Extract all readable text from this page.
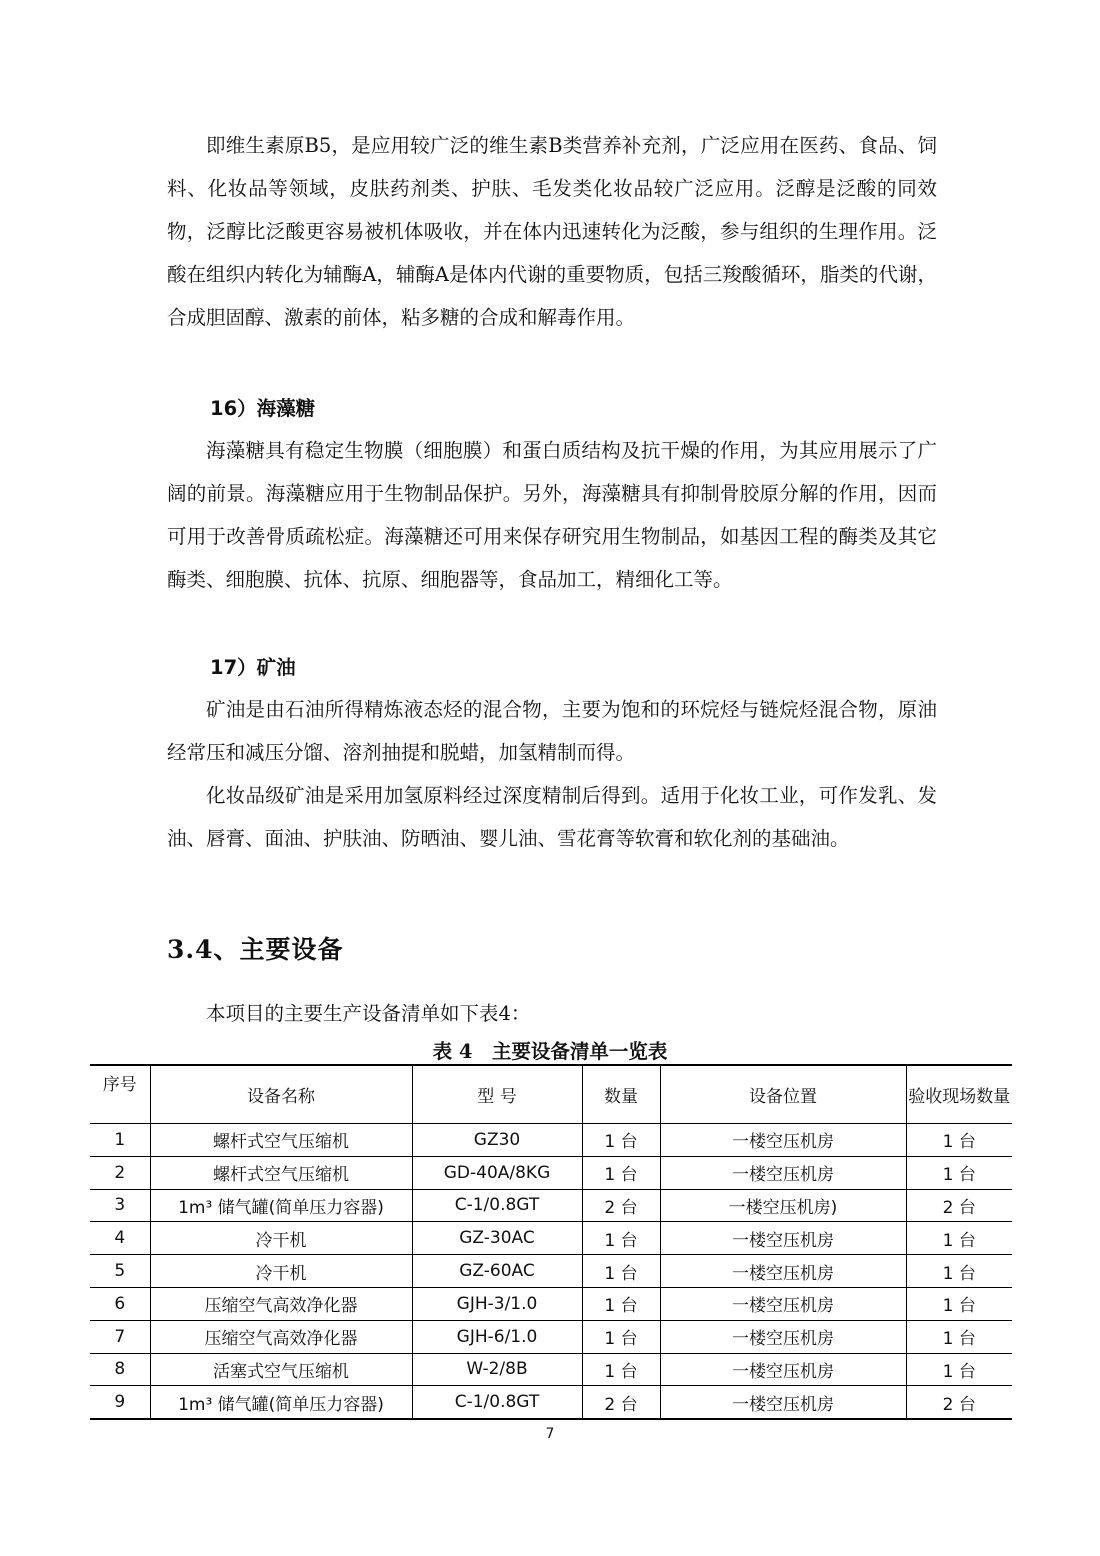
即维生素原B5，是应用较广泛的维生素B类营养补充剂，广泛应用在医药、食品、饲料、化妆品等领域，皮肤药剂类、护肤、毛发类化妆品较广泛应用。泛醇是泛酸的同效物，泛醇比泛酸更容易被机体吸收，并在体内迅速转化为泛酸，参与组织的生理作用。泛酸在组织内转化为辅酶A，辅酶A是体内代谢的重要物质，包括三羧酸循环，脂类的代谢，合成胆固醇、激素的前体，粘多糖的合成和解毒作用。

16）海藻糖

海藻糖具有稳定生物膜（细胞膜）和蛋白质结构及抗干燥的作用，为其应用展示了广阔的前景。海藻糖应用于生物制品保护。另外，海藻糖具有抑制骨胶原分解的作用，因而可用于改善骨质疏松症。海藻糖还可用来保存研究用生物制品，如基因工程的酶类及其它酶类、细胞膜、抗体、抗原、细胞器等，食品加工，精细化工等。

17）矿油

矿油是由石油所得精炼液态烃的混合物，主要为饱和的环烷烃与链烷烃混合物，原油经常压和减压分馏、溶剂抽提和脱蜡，加氢精制而得。

化妆品级矿油是采用加氢原料经过深度精制后得到。适用于化妆工业，可作发乳、发油、唇膏、面油、护肤油、防晒油、婴儿油、雪花膏等软膏和软化剂的基础油。

3.4、主要设备

本项目的主要生产设备清单如下表4：

表 4　主要设备清单一览表

序号	设备名称	型 号	数量	设备位置	验收现场数量
1	螺杆式空气压缩机	GZ30	1 台	一楼空压机房	1 台
2	螺杆式空气压缩机	GD-40A/8KG	1 台	一楼空压机房	1 台
3	1m³ 储气罐(简单压力容器)	C-1/0.8GT	2 台	一楼空压机房)	2 台
4	冷干机	GZ-30AC	1 台	一楼空压机房	1 台
5	冷干机	GZ-60AC	1 台	一楼空压机房	1 台
6	压缩空气高效净化器	GJH-3/1.0	1 台	一楼空压机房	1 台
7	压缩空气高效净化器	GJH-6/1.0	1 台	一楼空压机房	1 台
8	活塞式空气压缩机	W-2/8B	1 台	一楼空压机房	1 台
9	1m³ 储气罐(简单压力容器)	C-1/0.8GT	2 台	一楼空压机房	2 台
7
